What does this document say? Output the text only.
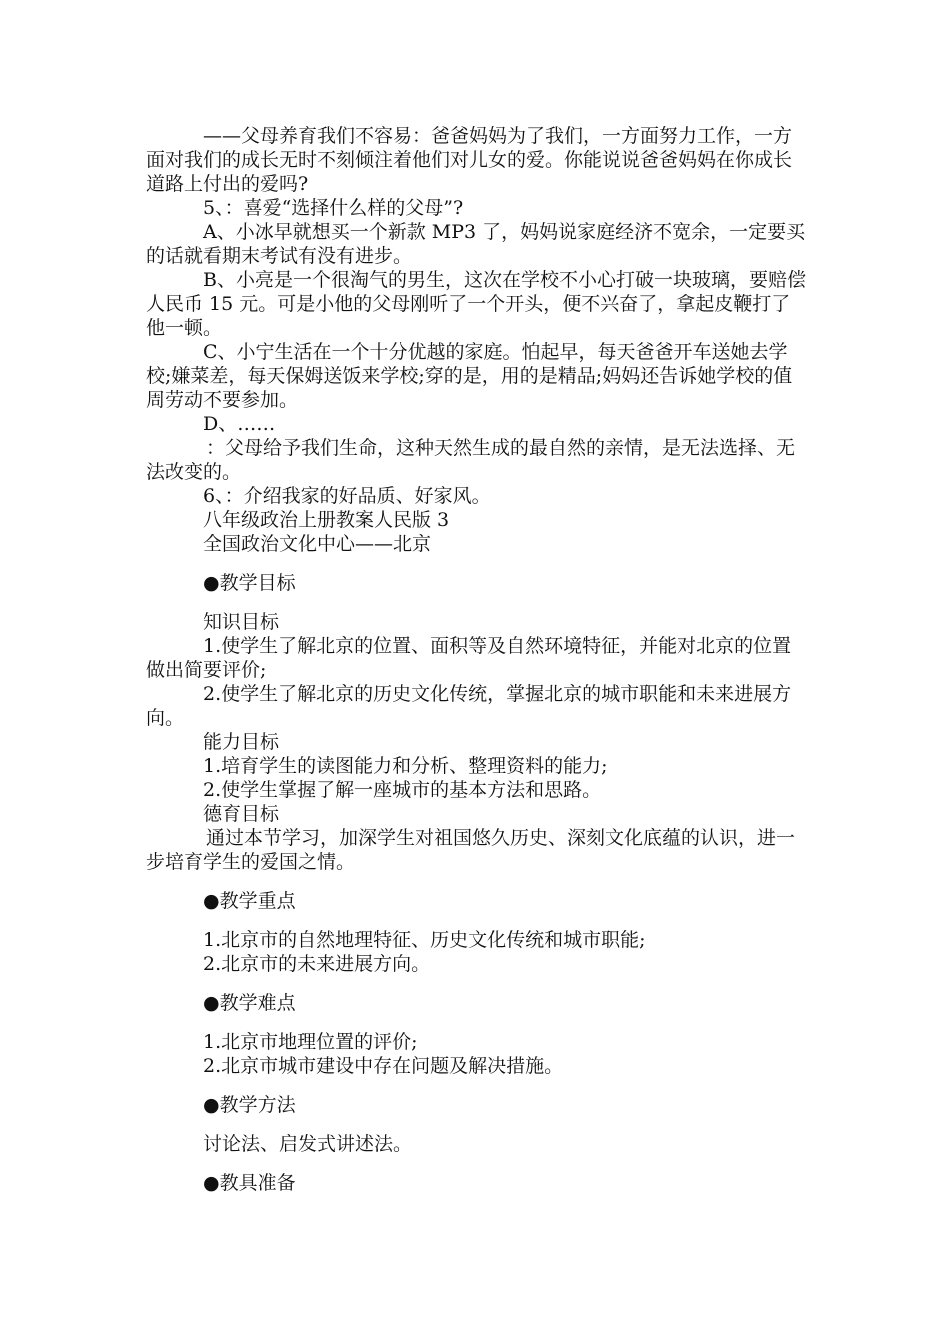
——父母养育我们不容易：爸爸妈妈为了我们，一方面努力工作，一方面对我们的成长无时不刻倾注着他们对儿女的爱。你能说说爸爸妈妈在你成长道路上付出的爱吗?

5、：喜爱“选择什么样的父母”?

A、小冰早就想买一个新款 MP3 了，妈妈说家庭经济不宽余，一定要买的话就看期末考试有没有进步。

B、小亮是一个很淘气的男生，这次在学校不小心打破一块玻璃，要赔偿人民币 15 元。可是小他的父母刚听了一个开头，便不兴奋了，拿起皮鞭打了他一顿。

C、小宁生活在一个十分优越的家庭。怕起早，每天爸爸开车送她去学校;嫌菜差，每天保姆送饭来学校;穿的是，用的是精品;妈妈还告诉她学校的值周劳动不要参加。

D、……

：父母给予我们生命，这种天然生成的最自然的亲情，是无法选择、无法改变的。

6、：介绍我家的好品质、好家风。

八年级政治上册教案人民版 3

全国政治文化中心——北京

●教学目标

知识目标

1.使学生了解北京的位置、面积等及自然环境特征，并能对北京的位置做出简要评价;

2.使学生了解北京的历史文化传统，掌握北京的城市职能和未来进展方向。

能力目标

1.培育学生的读图能力和分析、整理资料的能力;

2.使学生掌握了解一座城市的基本方法和思路。

德育目标

通过本节学习，加深学生对祖国悠久历史、深刻文化底蕴的认识，进一步培育学生的爱国之情。

●教学重点

1.北京市的自然地理特征、历史文化传统和城市职能;

2.北京市的未来进展方向。

●教学难点

1.北京市地理位置的评价;

2.北京市城市建设中存在问题及解决措施。

●教学方法

讨论法、启发式讲述法。

●教具准备
